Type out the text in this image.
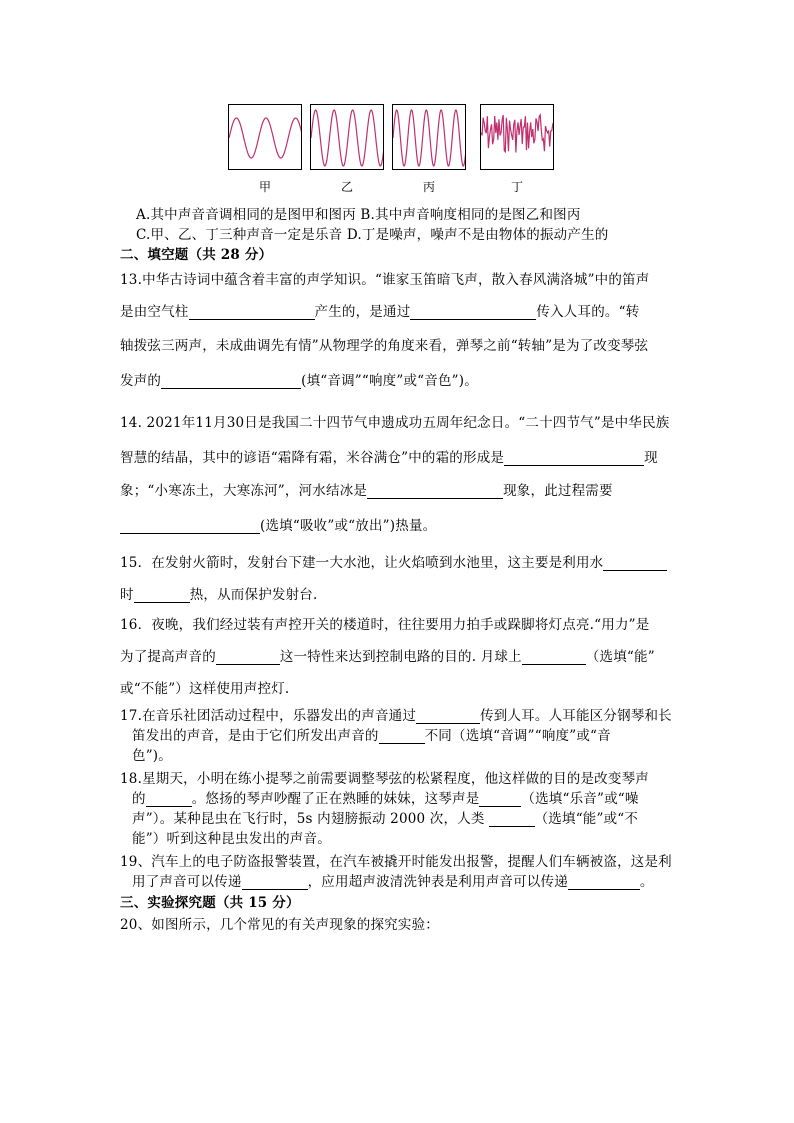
甲	乙	丙	丁
A.其中声音音调相同的是图甲和图丙 B.其中声音响度相同的是图乙和图丙
C.甲、乙、丁三种声音一定是乐音 D.丁是噪声，噪声不是由物体的振动产生的
二、填空题（共 28 分）
13.中华古诗词中蕴含着丰富的声学知识。“谁家玉笛暗飞声，散入春风满洛城”中的笛声
是由空气柱	产生的，是通过	传入人耳的。“转
轴拨弦三两声，未成曲调先有情”从物理学的角度来看，弹琴之前“转轴”是为了改变琴弦
发声的	(填“音调”“响度”或“音色”)。
14. 2021年11月30日是我国二十四节气申遗成功五周年纪念日。“二十四节气”是中华民族
智慧的结晶，其中的谚语“霜降有霜，米谷满仓”中的霜的形成是	现
象；“小寒冻土，大寒冻河”，河水结冰是	现象，此过程需要
(选填“吸收”或“放出”)热量。
15．在发射火箭时，发射台下建一大水池，让火焰喷到水池里，这主要是利用水
时	热，从而保护发射台.
16．夜晚，我们经过装有声控开关的楼道时，往往要用力拍手或跺脚将灯点亮.“用力”是
为了提高声音的	这一特性来达到控制电路的目的. 月球上	（选填“能”
或“不能”）这样使用声控灯.
17.在音乐社团活动过程中，乐器发出的声音通过	传到人耳。人耳能区分钢琴和长
笛发出的声音，是由于它们所发出声音的	不同（选填“音调”“响度”或“音
色”)。
18.星期天，小明在练小提琴之前需要调整琴弦的松紧程度，他这样做的目的是改变琴声
的	。悠扬的琴声吵醒了正在熟睡的妹妹，这琴声是	（选填“乐音”或“噪
声”）。某种昆虫在飞行时，5s 内翅膀振动 2000 次，人类	（选填“能”或“不
能”）听到这种昆虫发出的声音。
19、汽车上的电子防盗报警装置，在汽车被撬开时能发出报警，提醒人们车辆被盗，这是利
用了声音可以传递	，应用超声波清洗钟表是利用声音可以传递	。
三、实验探究题（共 15 分）
20、如图所示，几个常见的有关声现象的探究实验：
